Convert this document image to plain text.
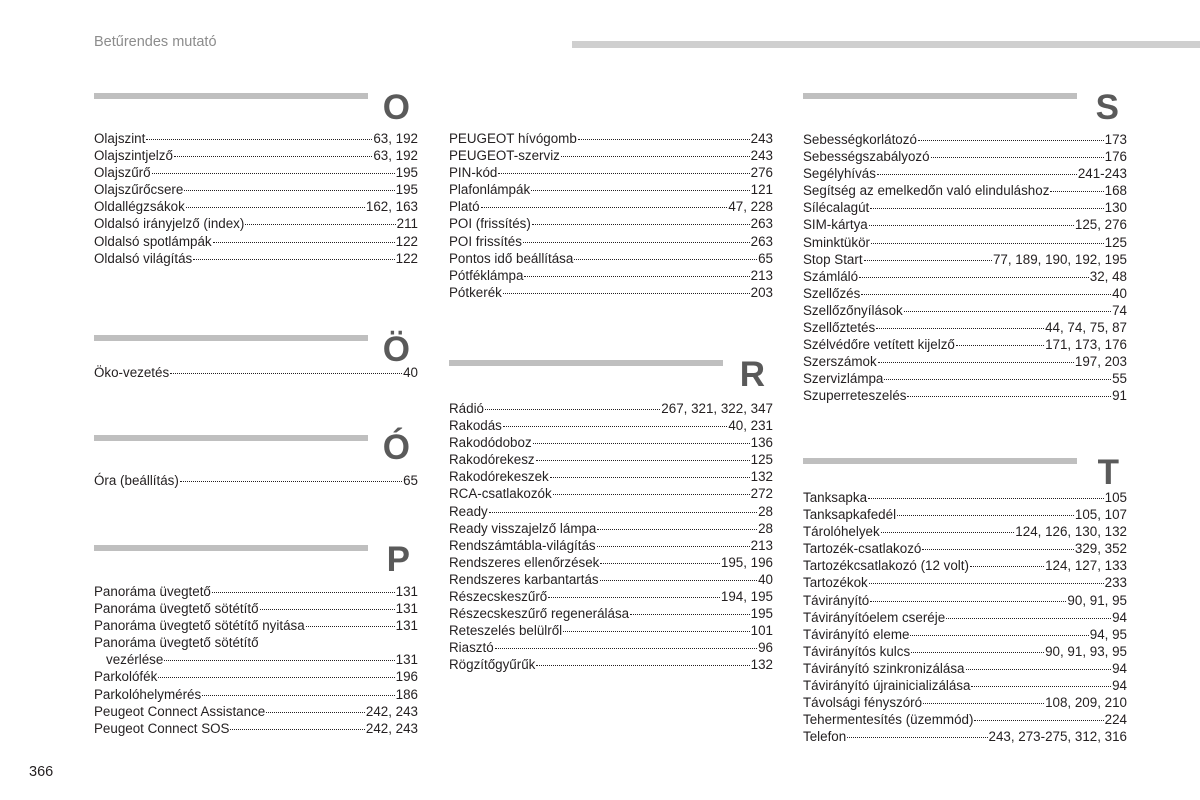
Betűrendes mutató
O
Olajszint	63, 192
Olajszintjelző	63, 192
Olajszűrő	195
Olajszűrőcsere	195
Oldallégzsákok	162, 163
Oldalsó irányjelző (index)	211
Oldalsó spotlámpák	122
Oldalsó világítás	122
Ö
Öko-vezetés	40
Ó
Óra (beállítás)	65
P
Panoráma üvegtető	131
Panoráma üvegtető sötétítő	131
Panoráma üvegtető sötétítő nyitása	131
Panoráma üvegtető sötétítő
vezérlése	131
Parkolófék	196
Parkolóhelymérés	186
Peugeot Connect Assistance	242, 243
Peugeot Connect SOS	242, 243
PEUGEOT hívógomb	243
PEUGEOT-szerviz	243
PIN-kód	276
Plafonlámpák	121
Plató	47, 228
POI (frissítés)	263
POI frissítés	263
Pontos idő beállítása	65
Pótféklámpa	213
Pótkerék	203
R
Rádió	267, 321, 322, 347
Rakodás	40, 231
Rakodódoboz	136
Rakodórekesz	125
Rakodórekeszek	132
RCA-csatlakozók	272
Ready	28
Ready visszajelző lámpa	28
Rendszámtábla-világítás	213
Rendszeres ellenőrzések	195, 196
Rendszeres karbantartás	40
Részecskeszűrő	194, 195
Részecskeszűrő regenerálása	195
Reteszelés belülről	101
Riasztó	96
Rögzítőgyűrűk	132
S
Sebességkorlátozó	173
Sebességszabályozó	176
Segélyhívás	241-243
Segítség az emelkedőn való elinduláshoz	168
Sílécalagút	130
SIM-kártya	125, 276
Sminktükör	125
Stop Start	77, 189, 190, 192, 195
Számláló	32, 48
Szellőzés	40
Szellőzőnyílások	74
Szellőztetés	44, 74, 75, 87
Szélvédőre vetített kijelző	171, 173, 176
Szerszámok	197, 203
Szervizlámpa	55
Szuperreteszelés	91
T
Tanksapka	105
Tanksapkafedél	105, 107
Tárolóhelyek	124, 126, 130, 132
Tartozék-csatlakozó	329, 352
Tartozékcsatlakozó (12 volt)	124, 127, 133
Tartozékok	233
Távirányító	90, 91, 95
Távirányítóelem cseréje	94
Távirányító eleme	94, 95
Távirányítós kulcs	90, 91, 93, 95
Távirányító szinkronizálása	94
Távirányító újrainicializálása	94
Távolsági fényszóró	108, 209, 210
Tehermentesítés (üzemmód)	224
Telefon	243, 273-275, 312, 316
366
